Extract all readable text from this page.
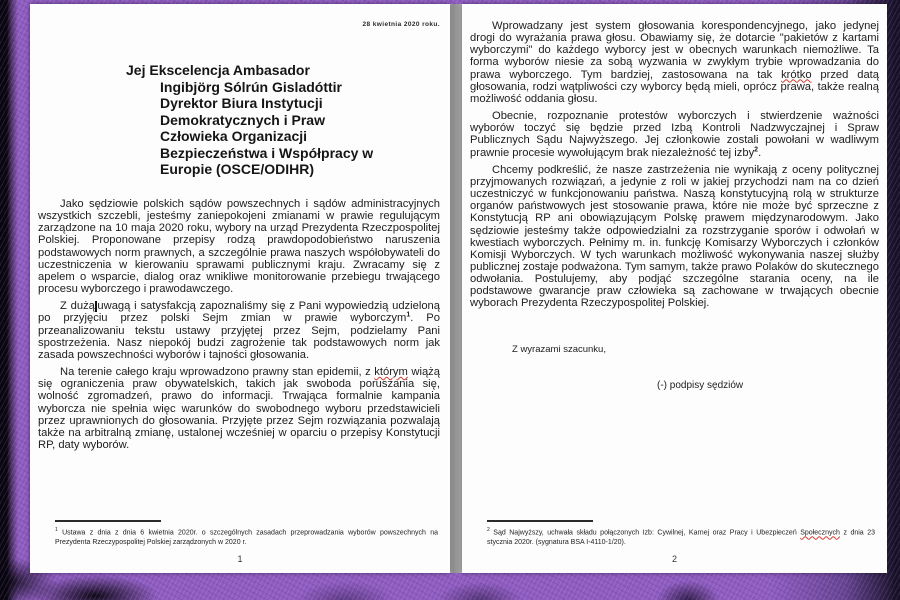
28 kwietnia 2020 roku.
Jej Ekscelencja Ambasador
Ingibjörg Sólrún Gisladóttir
Dyrektor Biura Instytucji
Demokratycznych i Praw
Człowieka Organizacji
Bezpieczeństwa i Współpracy w
Europie (OSCE/ODIHR)

Jako sędziowie polskich sądów powszechnych i sądów administracyjnych wszystkich szczebli, jesteśmy zaniepokojeni zmianami w prawie regulującym zarządzone na 10 maja 2020 roku, wybory na urząd Prezydenta Rzeczpospolitej Polskiej. Proponowane przepisy rodzą prawdopodobieństwo naruszenia podstawowych norm prawnych, a szczególnie prawa naszych współobywateli do uczestniczenia w kierowaniu sprawami publicznymi kraju. Zwracamy się z apelem o wsparcie, dialog oraz wnikliwe monitorowanie przebiegu trwającego procesu wyborczego i prawodawczego.

Z dużą uwagą i satysfakcją zapoznaliśmy się z Pani wypowiedzią udzieloną po przyjęciu przez polski Sejm zmian w prawie wyborczym$^1$. Po przeanalizowaniu tekstu ustawy przyjętej przez Sejm, podzielamy Pani spostrzeżenia. Nasz niepokój budzi zagrożenie tak podstawowych norm jak zasada powszechności wyborów i tajności głosowania.

Na terenie całego kraju wprowadzono prawny stan epidemii, z którym wiążą się ograniczenia praw obywatelskich, takich jak swoboda poruszania się, wolność zgromadzeń, prawo do informacji. Trwająca formalnie kampania wyborcza nie spełnia więc warunków do swobodnego wyboru przedstawicieli przez uprawnionych do głosowania. Przyjęte przez Sejm rozwiązania pozwalają także na arbitralną zmianę, ustalonej wcześniej w oparciu o przepisy Konstytucji RP, daty wyborów.

$^1$ Ustawa z dnia z dnia 6 kwietnia 2020r. o szczególnych zasadach przeprowadzania wyborów powszechnych na Prezydenta Rzeczypospolitej Polskiej zarządzonych w 2020 r.
1

Wprowadzany jest system głosowania korespondencyjnego, jako jedynej drogi do wyrażania prawa głosu. Obawiamy się, że dotarcie "pakietów z kartami wyborczymi" do każdego wyborcy jest w obecnych warunkach niemożliwe. Ta forma wyborów niesie za sobą wyzwania w zwykłym trybie wprowadzania do prawa wyborczego. Tym bardziej, zastosowana na tak krótko przed datą głosowania, rodzi wątpliwości czy wyborcy będą mieli, oprócz prawa, także realną możliwość oddania głosu.

Obecnie, rozpoznanie protestów wyborczych i stwierdzenie ważności wyborów toczyć się będzie przed Izbą Kontroli Nadzwyczajnej i Spraw Publicznych Sądu Najwyższego. Jej członkowie zostali powołani w wadliwym prawnie procesie wywołującym brak niezależność tej izby$^2$.

Chcemy podkreślić, że nasze zastrzeżenia nie wynikają z oceny politycznej przyjmowanych rozwiązań, a jedynie z roli w jakiej przychodzi nam na co dzień uczestniczyć w funkcjonowaniu państwa. Naszą konstytucyjną rolą w strukturze organów państwowych jest stosowanie prawa, które nie może być sprzeczne z Konstytucją RP ani obowiązującym Polskę prawem międzynarodowym. Jako sędziowie jesteśmy także odpowiedzialni za rozstrzyganie sporów i odwołań w kwestiach wyborczych. Pełnimy m. in. funkcję Komisarzy Wyborczych i członków Komisji Wyborczych. W tych warunkach możliwość wykonywania naszej służby publicznej zostaje podważona. Tym samym, także prawo Polaków do skutecznego odwołania. Postulujemy, aby podjąć szczególne starania oceny, na ile podstawowe gwarancje praw człowieka są zachowane w trwających obecnie wyborach Prezydenta Rzeczypospolitej Polskiej.

Z wyrazami szacunku,

(-) podpisy sędziów

$^2$ Sąd Najwyższy, uchwała składu połączonych Izb: Cywilnej, Karnej oraz Pracy i Ubezpieczeń Społecznych z dnia 23 stycznia 2020r. (sygnatura BSA I-4110-1/20).
2
